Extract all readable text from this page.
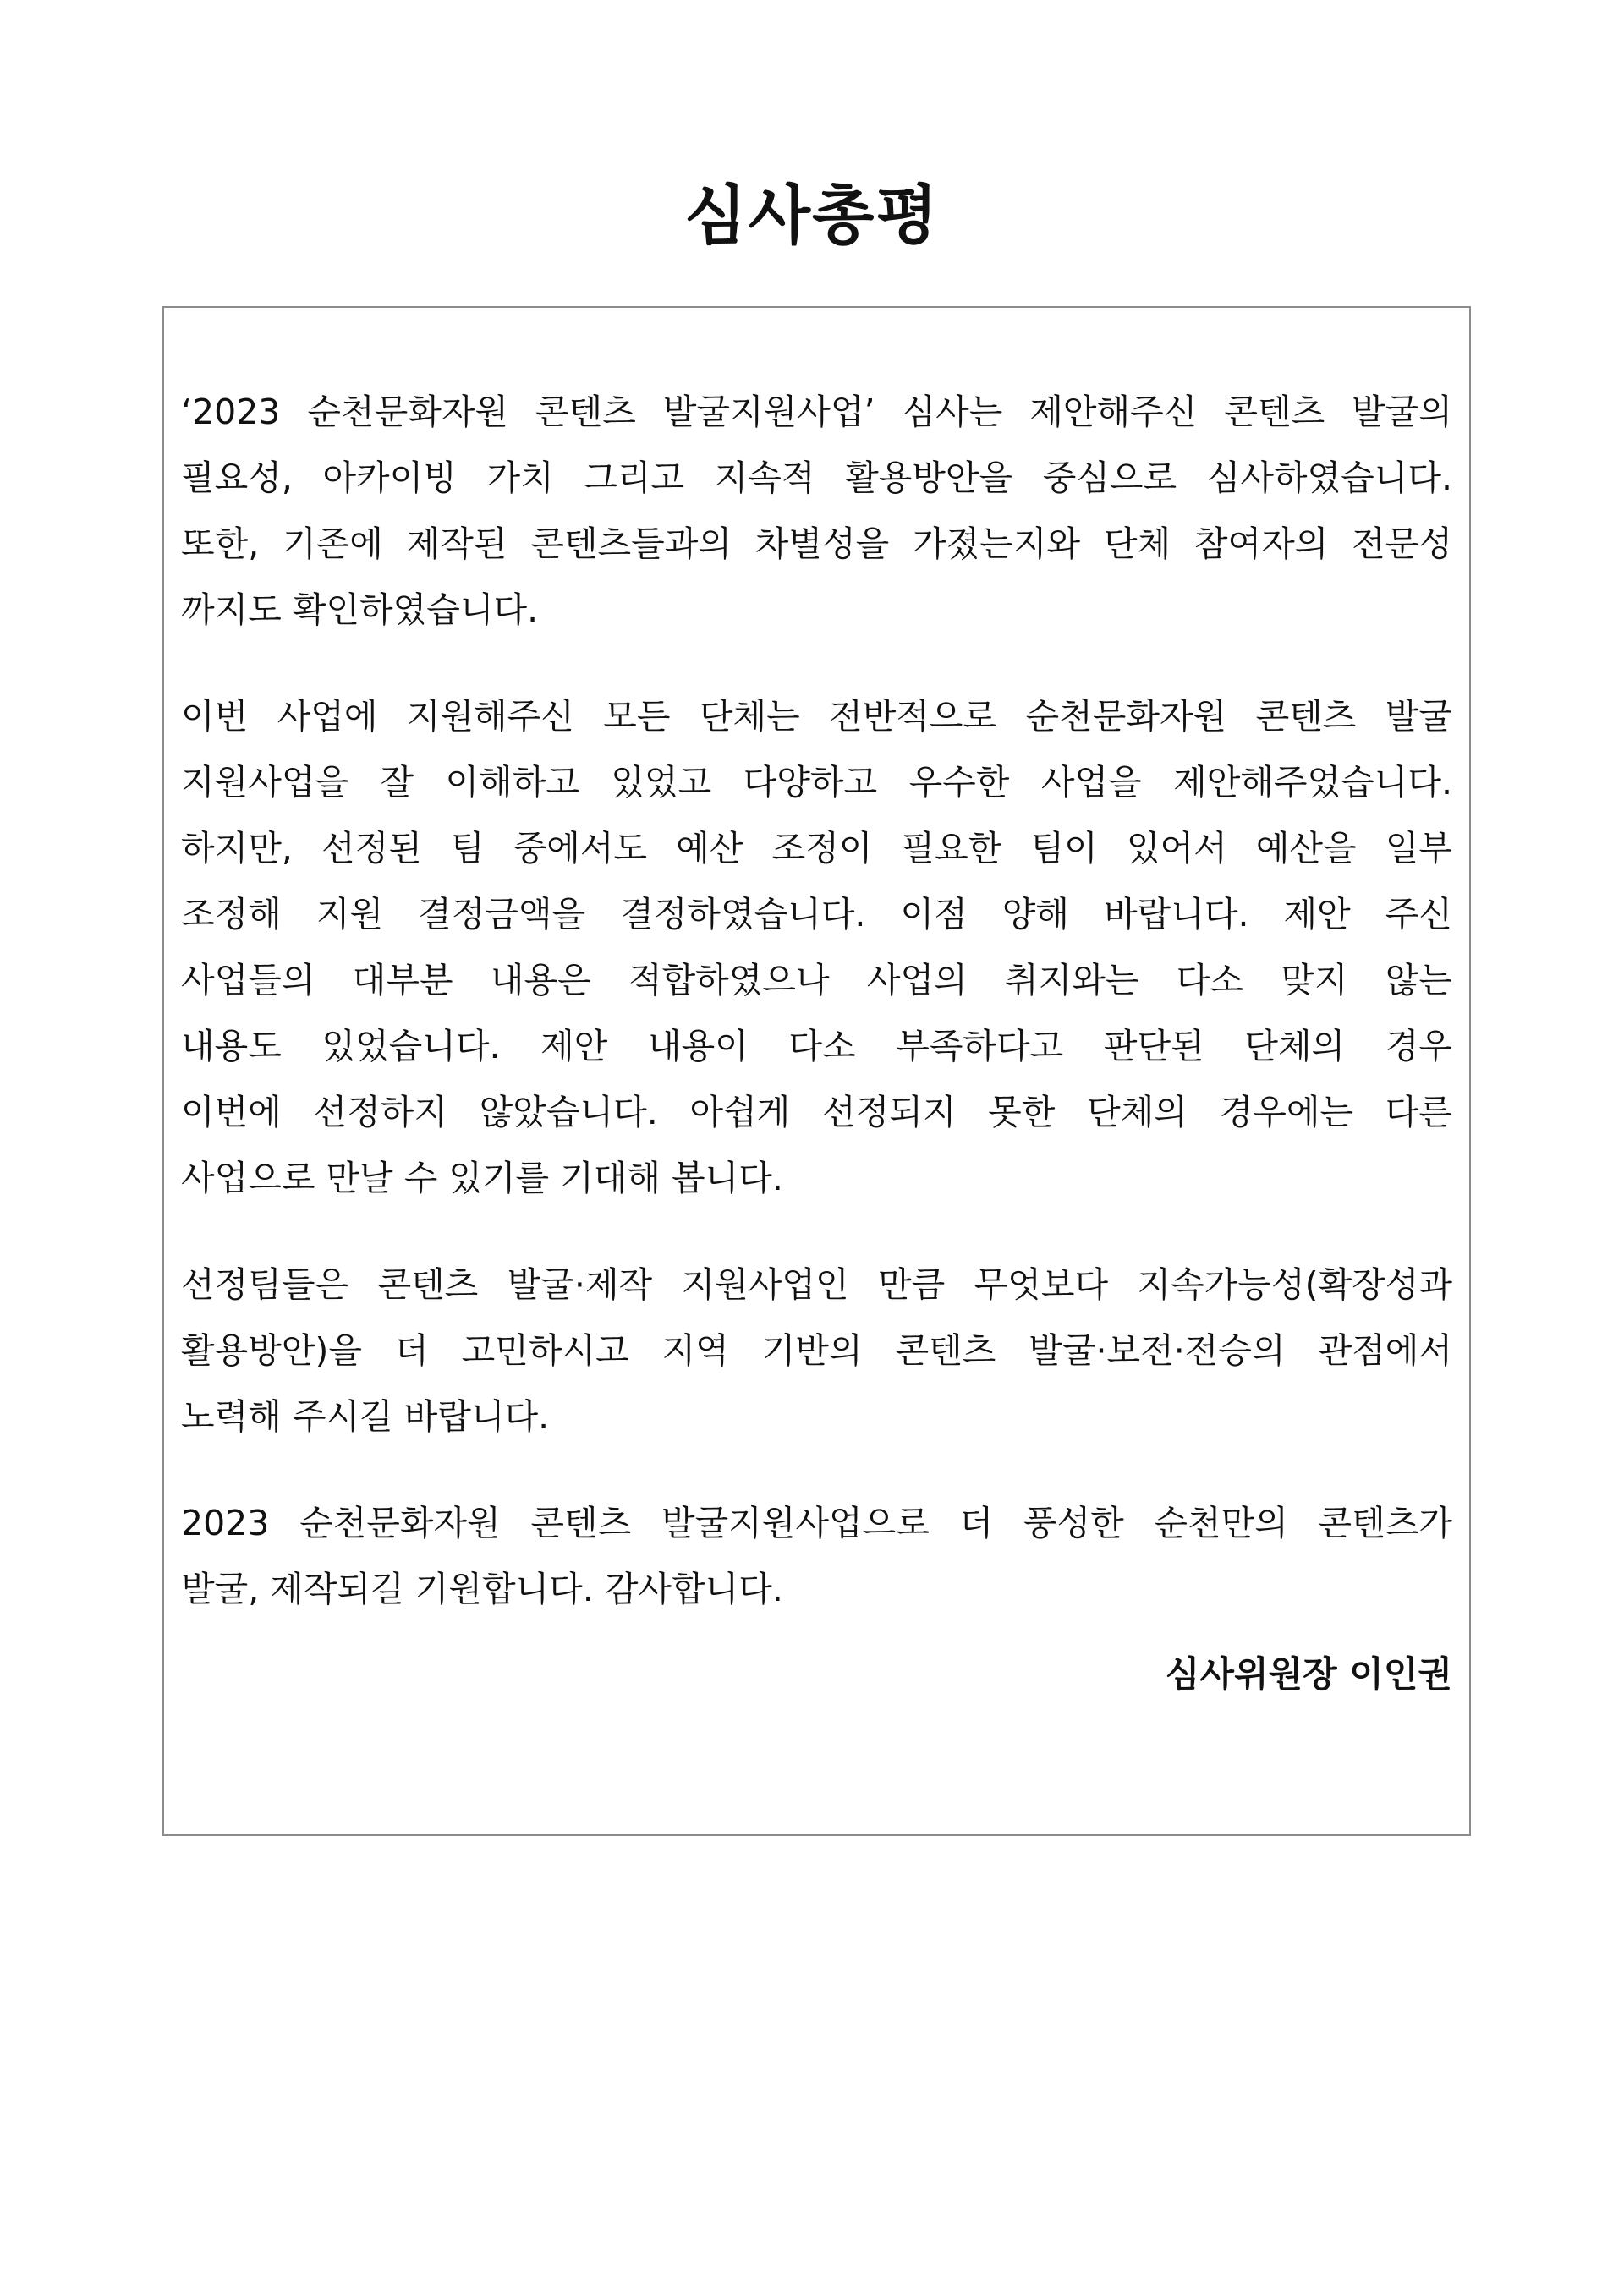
심사총평
‘2023 순천문화자원 콘텐츠 발굴지원사업’ 심사는 제안해주신 콘텐츠 발굴의
필요성, 아카이빙 가치 그리고 지속적 활용방안을 중심으로 심사하였습니다.
또한, 기존에 제작된 콘텐츠들과의 차별성을 가졌는지와 단체 참여자의 전문성
까지도 확인하였습니다.
이번 사업에 지원해주신 모든 단체는 전반적으로 순천문화자원 콘텐츠 발굴
지원사업을 잘 이해하고 있었고 다양하고 우수한 사업을 제안해주었습니다.
하지만, 선정된 팀 중에서도 예산 조정이 필요한 팀이 있어서 예산을 일부
조정해 지원 결정금액을 결정하였습니다. 이점 양해 바랍니다. 제안 주신
사업들의 대부분 내용은 적합하였으나 사업의 취지와는 다소 맞지 않는
내용도 있었습니다. 제안 내용이 다소 부족하다고 판단된 단체의 경우
이번에 선정하지 않았습니다. 아쉽게 선정되지 못한 단체의 경우에는 다른
사업으로 만날 수 있기를 기대해 봅니다.
선정팀들은 콘텐츠 발굴·제작 지원사업인 만큼 무엇보다 지속가능성(확장성과
활용방안)을 더 고민하시고 지역 기반의 콘텐츠 발굴·보전·전승의 관점에서
노력해 주시길 바랍니다.
2023 순천문화자원 콘텐츠 발굴지원사업으로 더 풍성한 순천만의 콘텐츠가
발굴, 제작되길 기원합니다. 감사합니다.
심사위원장 이인권
